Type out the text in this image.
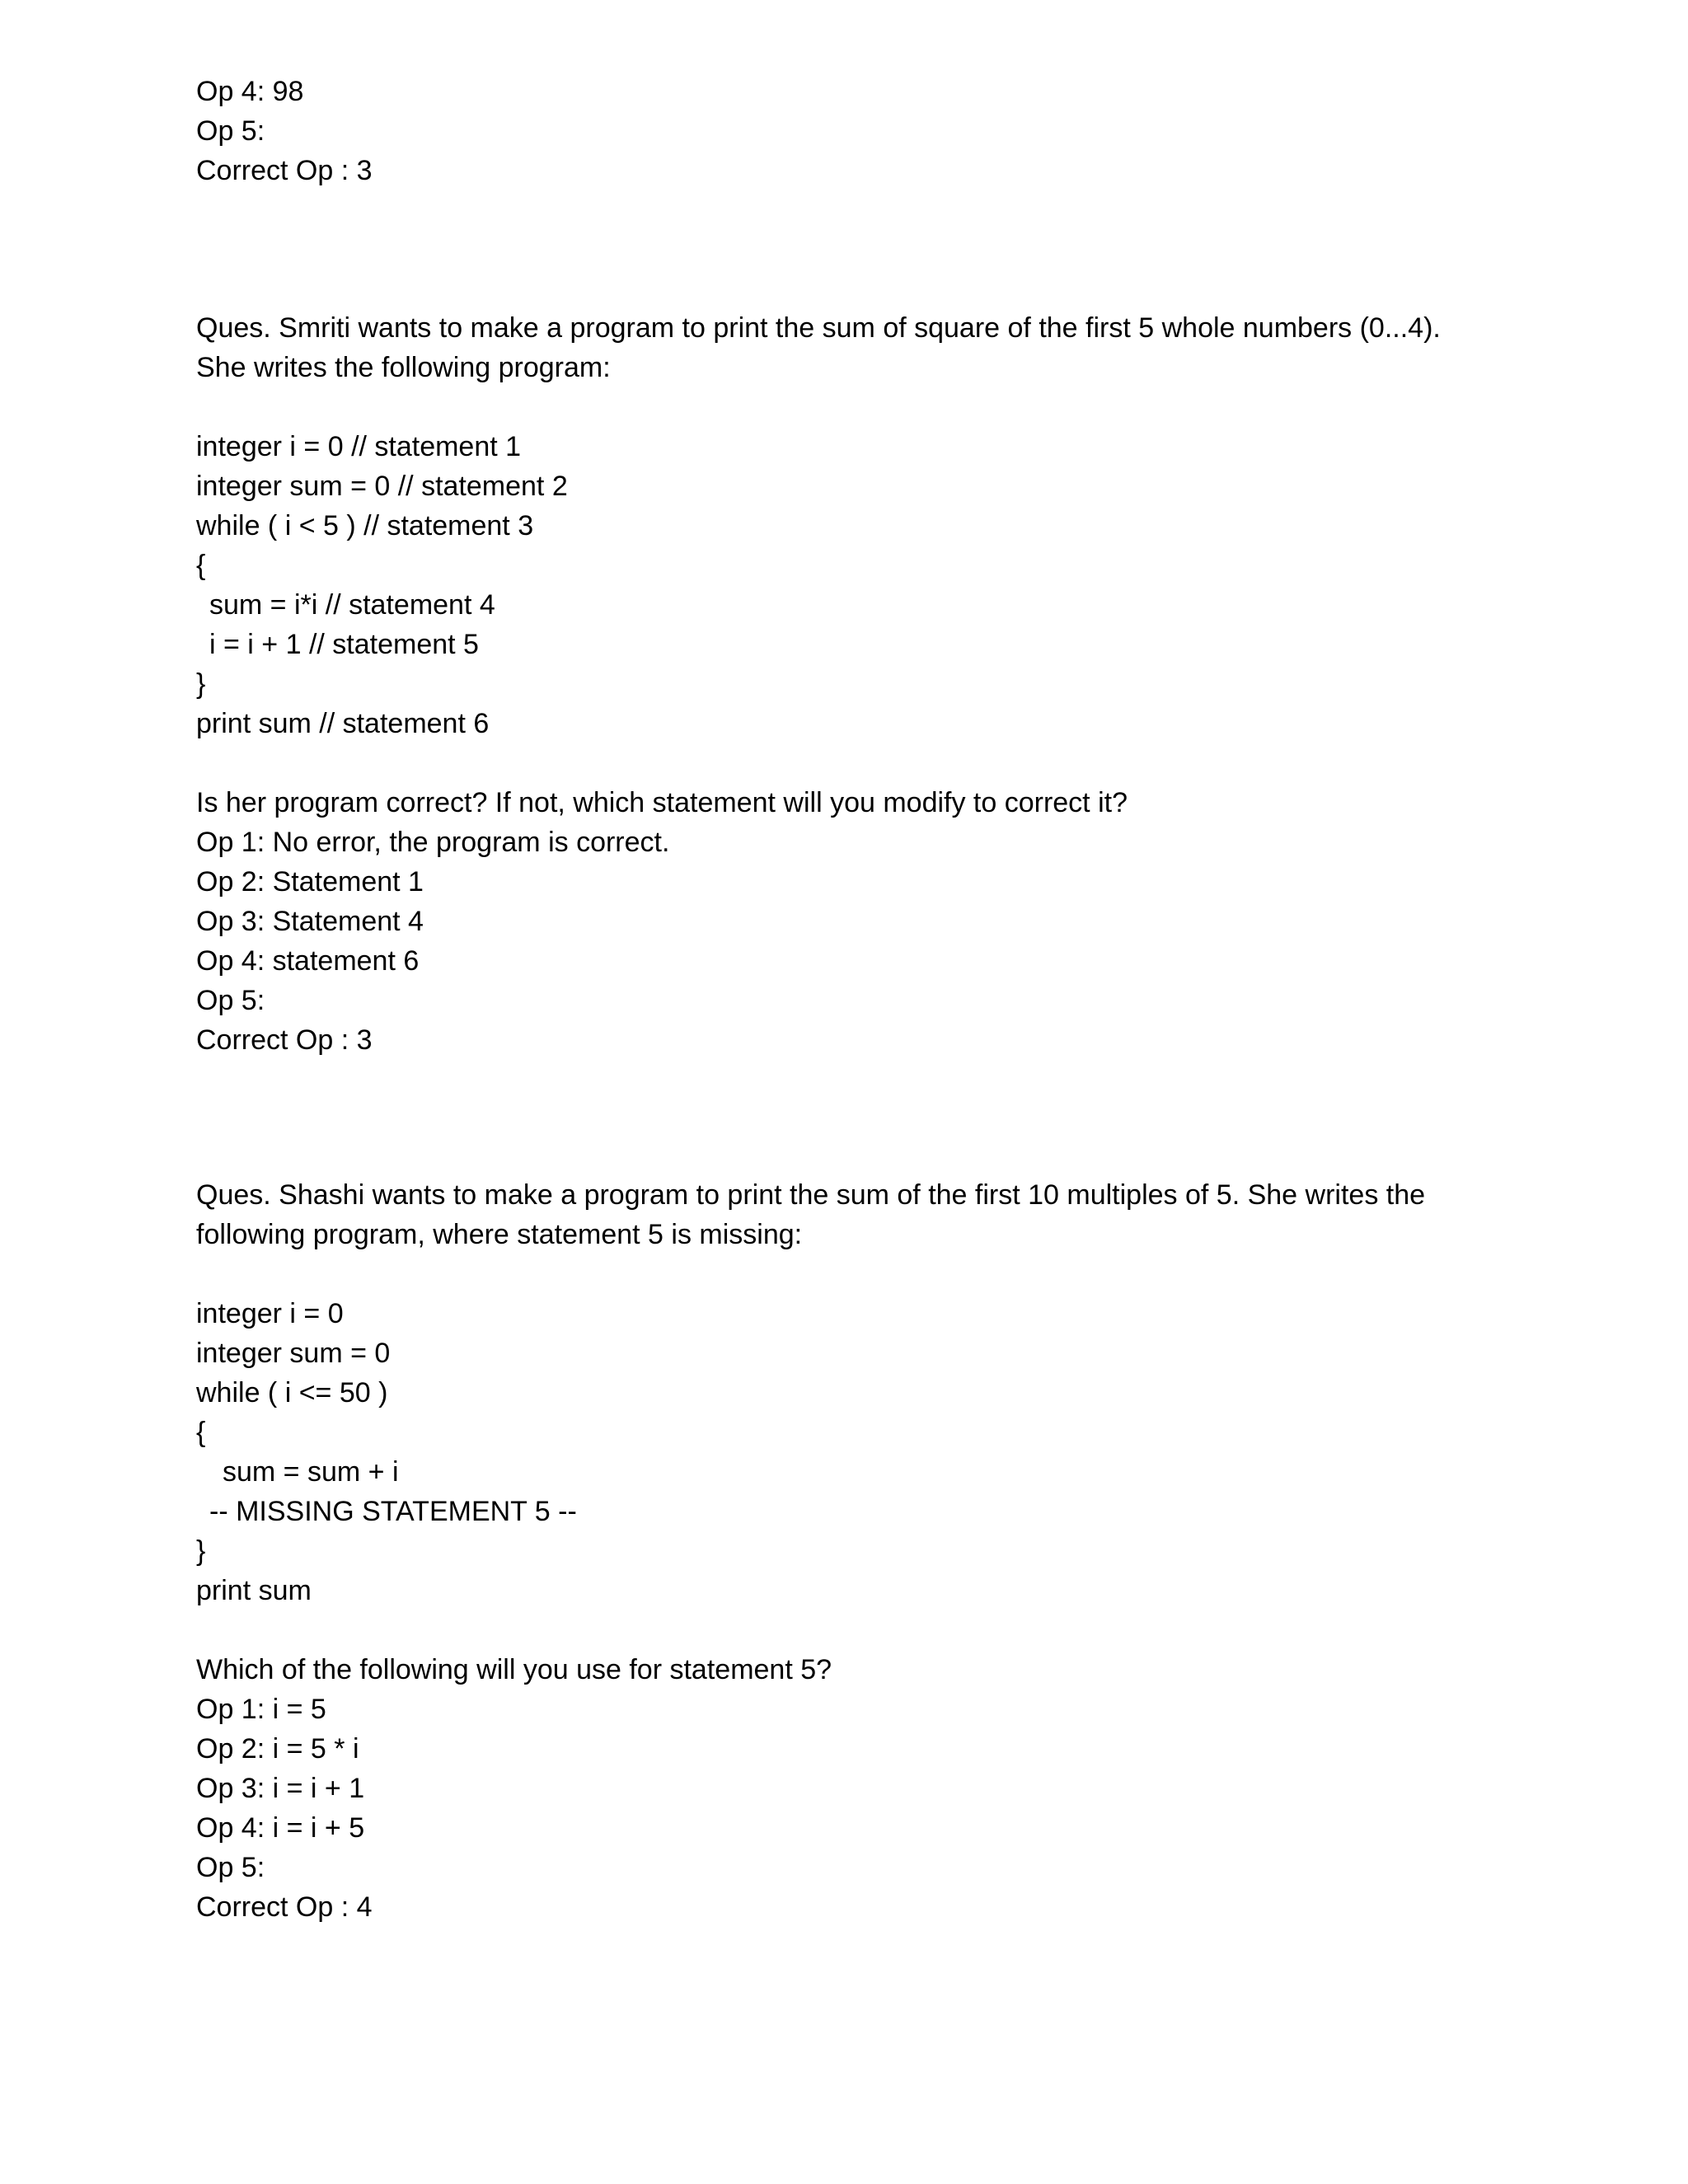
Op 4: 98

Op 5:

Correct Op : 3

Ques. Smriti wants to make a program to print the sum of square of the first 5 whole numbers (0...4).

She writes the following program:

integer i = 0 // statement 1

integer sum = 0 // statement 2

while ( i < 5 ) // statement 3

{

sum = i*i // statement 4

i = i + 1 // statement 5

}

print sum // statement 6

Is her program correct? If not, which statement will you modify to correct it?

Op 1: No error, the program is correct.

Op 2: Statement 1

Op 3: Statement 4

Op 4: statement 6

Op 5:

Correct Op : 3

Ques. Shashi wants to make a program to print the sum of the first 10 multiples of 5. She writes the

following program, where statement 5 is missing:

integer i = 0

integer sum = 0

while ( i <= 50 )

{

sum = sum + i

-- MISSING STATEMENT 5 --

}

print sum

Which of the following will you use for statement 5?

Op 1: i = 5

Op 2: i = 5 * i

Op 3: i = i + 1

Op 4: i = i + 5

Op 5:

Correct Op : 4
